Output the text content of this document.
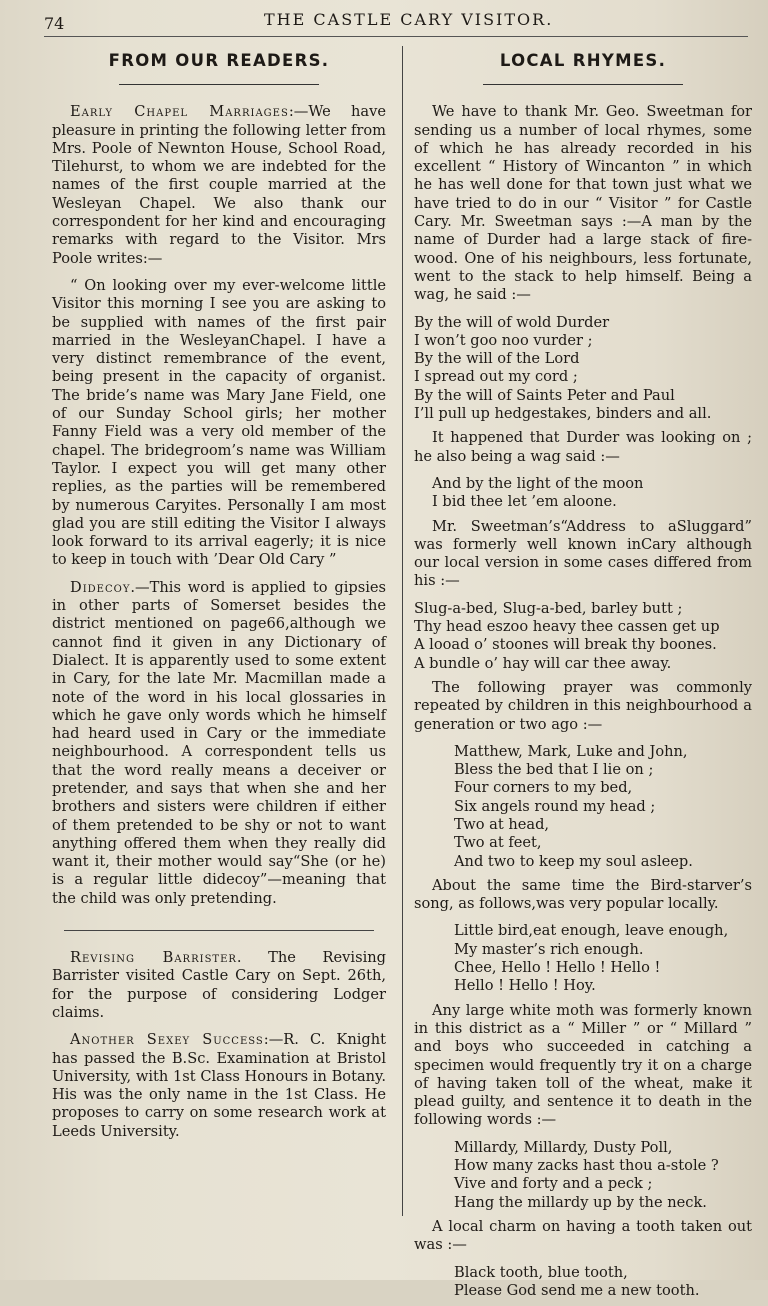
74	THE CASTLE CARY VISITOR.
FROM OUR READERS.

Early Chapel Marriages:—We have pleasure in printing the following letter from Mrs. Poole of Newnton House, School Road, Tilehurst, to whom we are indebted for the names of the first couple married at the Wesleyan Chapel. We also thank our correspondent for her kind and encouraging remarks with regard to the Visitor. Mrs Poole writes:—

“ On looking over my ever-welcome little Visitor this morning I see you are asking to be supplied with names of the first pair married in the WesleyanChapel. I have a very distinct remembrance of the event, being present in the capacity of organist. The bride’s name was Mary Jane Field, one of our Sunday School girls; her mother Fanny Field was a very old member of the chapel. The bridegroom’s name was William Taylor. I expect you will get many other replies, as the parties will be remembered by numerous Caryites. Personally I am most glad you are still editing the Visitor I always look forward to its arrival eagerly; it is nice to keep in touch with ’Dear Old Cary ”

Didecoy.—This word is applied to gipsies in other parts of Somerset besides the district mentioned on page66,although we cannot find it given in any Dictionary of Dialect. It is apparently used to some extent in Cary, for the late Mr. Macmillan made a note of the word in his local glossaries in which he gave only words which he himself had heard used in Cary or the immediate neighbourhood. A correspondent tells us that the word really means a deceiver or pretender, and says that when she and her brothers and sisters were children if either of them pretended to be shy or not to want anything offered them when they really did want it, their mother would say“She (or he) is a regular little didecoy”—meaning that the child was only pretending.

Revising Barrister. The Revising Barrister visited Castle Cary on Sept. 26th, for the purpose of considering Lodger claims.

Another Sexey Success:—R. C. Knight has passed the B.Sc. Examination at Bristol University, with 1st Class Honours in Botany. His was the only name in the 1st Class. He proposes to carry on some research work at Leeds University.

LOCAL RHYMES.

We have to thank Mr. Geo. Sweetman for sending us a number of local rhymes, some of which he has already recorded in his excellent “ History of Wincanton ” in which he has well done for that town just what we have tried to do in our “ Visitor ” for Castle Cary. Mr. Sweetman says :—A man by the name of Durder had a large stack of fire-wood. One of his neighbours, less fortunate, went to the stack to help himself. Being a wag, he said :—

By the will of wold Durder
I won’t goo noo vurder ;
By the will of the Lord
I spread out my cord ;
By the will of Saints Peter and Paul
I’ll pull up hedgestakes, binders and all.

It happened that Durder was looking on ; he also being a wag said :—

And by the light of the moon
I bid thee let ’em aloone.

Mr. Sweetman’s“Address to aSluggard” was formerly well known inCary although our local version in some cases differed from his :—

Slug-a-bed, Slug-a-bed, barley butt ;
Thy head eszoo heavy thee cassen get up
A looad o’ stoones will break thy boones.
A bundle o’ hay will car thee away.

The following prayer was commonly repeated by children in this neighbourhood a generation or two ago :—

Matthew, Mark, Luke and John,
Bless the bed that I lie on ;
Four corners to my bed,
Six angels round my head ;
Two at head,
Two at feet,
And two to keep my soul asleep.

About the same time the Bird-starver’s song, as follows,was very popular locally.

Little bird,eat enough, leave enough,
My master’s rich enough.
Chee, Hello ! Hello ! Hello !
Hello ! Hello ! Hoy.

Any large white moth was formerly known in this district as a “ Miller ” or “ Millard ” and boys who succeeded in catching a specimen would frequently try it on a charge of having taken toll of the wheat, make it plead guilty, and sentence it to death in the following words :—

Millardy, Millardy, Dusty Poll,
How many zacks hast thou a-stole ?
Vive and forty and a peck ;
Hang the millardy up by the neck.

A local charm on having a tooth taken out was :—

Black tooth, blue tooth,
Please God send me a new tooth.
